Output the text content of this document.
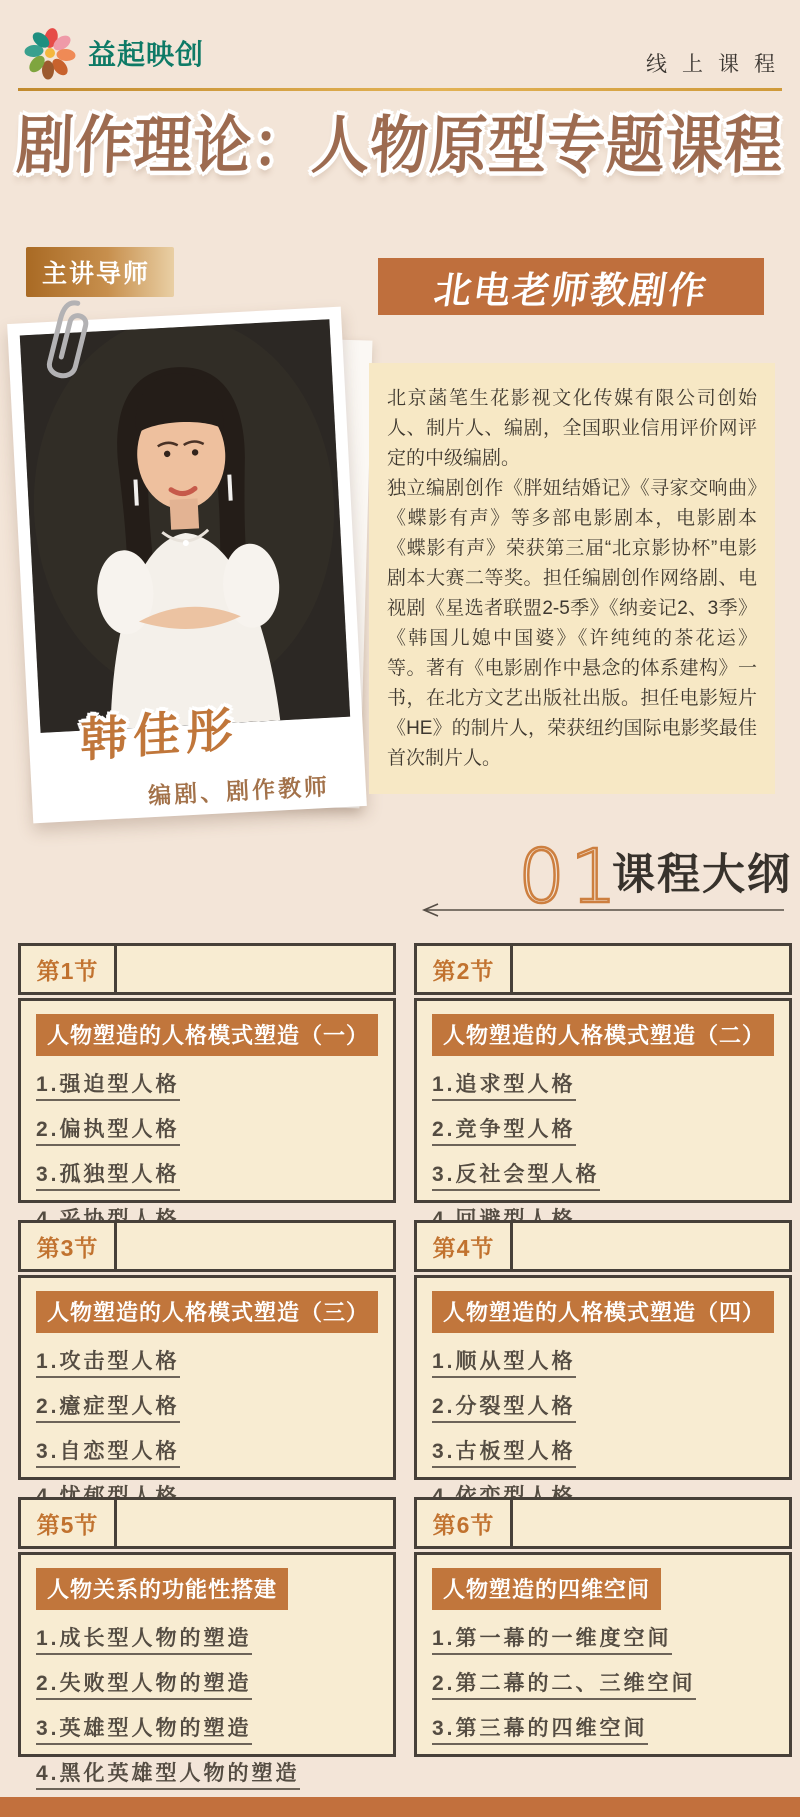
益起映创	线上课程
剧作理论：人物原型专题课程
主讲导师
韩佳彤
编剧、剧作教师
北电老师教剧作

北京菡笔生花影视文化传媒有限公司创始人、制片人、编剧，全国职业信用评价网评定的中级编剧。

独立编剧创作《胖妞结婚记》《寻家交响曲》《蝶影有声》等多部电影剧本，电影剧本《蝶影有声》荣获第三届“北京影协杯”电影剧本大赛二等奖。担任编剧创作网络剧、电视剧《星选者联盟2-5季》《纳妾记2、3季》《韩国儿媳中国婆》《许纯纯的茶花运》等。著有《电影剧作中悬念的体系建构》一书，在北方文艺出版社出版。担任电影短片《HE》的制片人，荣获纽约国际电影奖最佳首次制片人。

01
课程大纲
第1节
人物塑造的人格模式塑造（一）
1.强迫型人格
2.偏执型人格
3.孤独型人格
第2节
人物塑造的人格模式塑造（二）
1.追求型人格
2.竞争型人格
3.反社会型人格
第3节
人物塑造的人格模式塑造（三）
1.攻击型人格
2.癔症型人格
3.自恋型人格
第4节
人物塑造的人格模式塑造（四）
1.顺从型人格
2.分裂型人格
3.古板型人格
第5节
人物关系的功能性搭建
1.成长型人物的塑造
2.失败型人物的塑造
3.英雄型人物的塑造
4.黑化英雄型人物的塑造
第6节
人物塑造的四维空间
1.第一幕的一维度空间
2.第二幕的二、三维空间
3.第三幕的四维空间
